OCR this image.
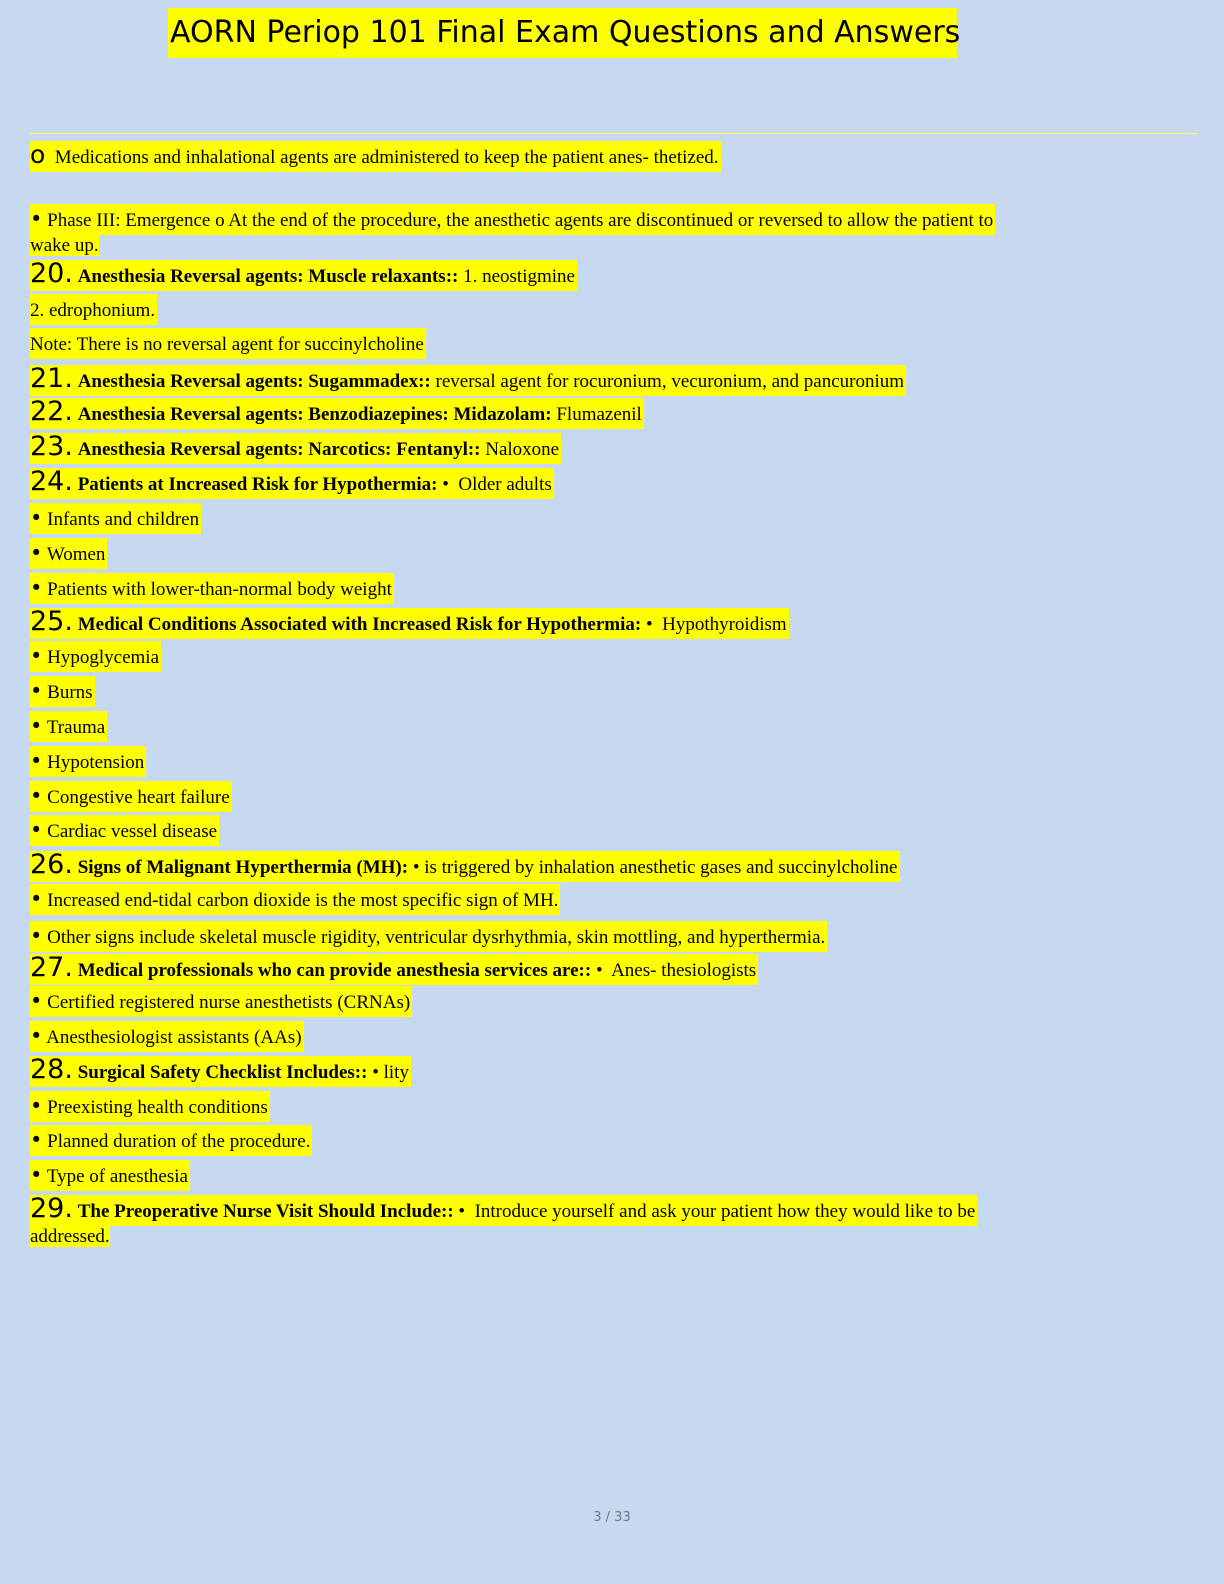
AORN Periop 101 Final Exam Questions and Answers
o Medications and inhalational agents are administered to keep the patient anes- thetized.
• Phase III: Emergence o At the end of the procedure, the anesthetic agents are discontinued or reversed to allow the patient to
wake up.
20. Anesthesia Reversal agents: Muscle relaxants:: 1. neostigmine
2. edrophonium.
Note: There is no reversal agent for succinylcholine
21. Anesthesia Reversal agents: Sugammadex:: reversal agent for rocuronium, vecuronium, and pancuronium
22. Anesthesia Reversal agents: Benzodiazepines: Midazolam: Flumazenil
23. Anesthesia Reversal agents: Narcotics: Fentanyl:: Naloxone
24. Patients at Increased Risk for Hypothermia: • Older adults
• Infants and children
• Women
• Patients with lower-than-normal body weight
25. Medical Conditions Associated with Increased Risk for Hypothermia: • Hypothyroidism
• Hypoglycemia
• Burns
• Trauma
• Hypotension
• Congestive heart failure
• Cardiac vessel disease
26. Signs of Malignant Hyperthermia (MH): • is triggered by inhalation anesthetic gases and succinylcholine
• Increased end-tidal carbon dioxide is the most specific sign of MH.
• Other signs include skeletal muscle rigidity, ventricular dysrhythmia, skin mottling, and hyperthermia.
27. Medical professionals who can provide anesthesia services are:: • Anes- thesiologists
• Certified registered nurse anesthetists (CRNAs)
• Anesthesiologist assistants (AAs)
28. Surgical Safety Checklist Includes:: • lity
• Preexisting health conditions
• Planned duration of the procedure.
• Type of anesthesia
29. The Preoperative Nurse Visit Should Include:: • Introduce yourself and ask your patient how they would like to be
addressed.
3 / 33
